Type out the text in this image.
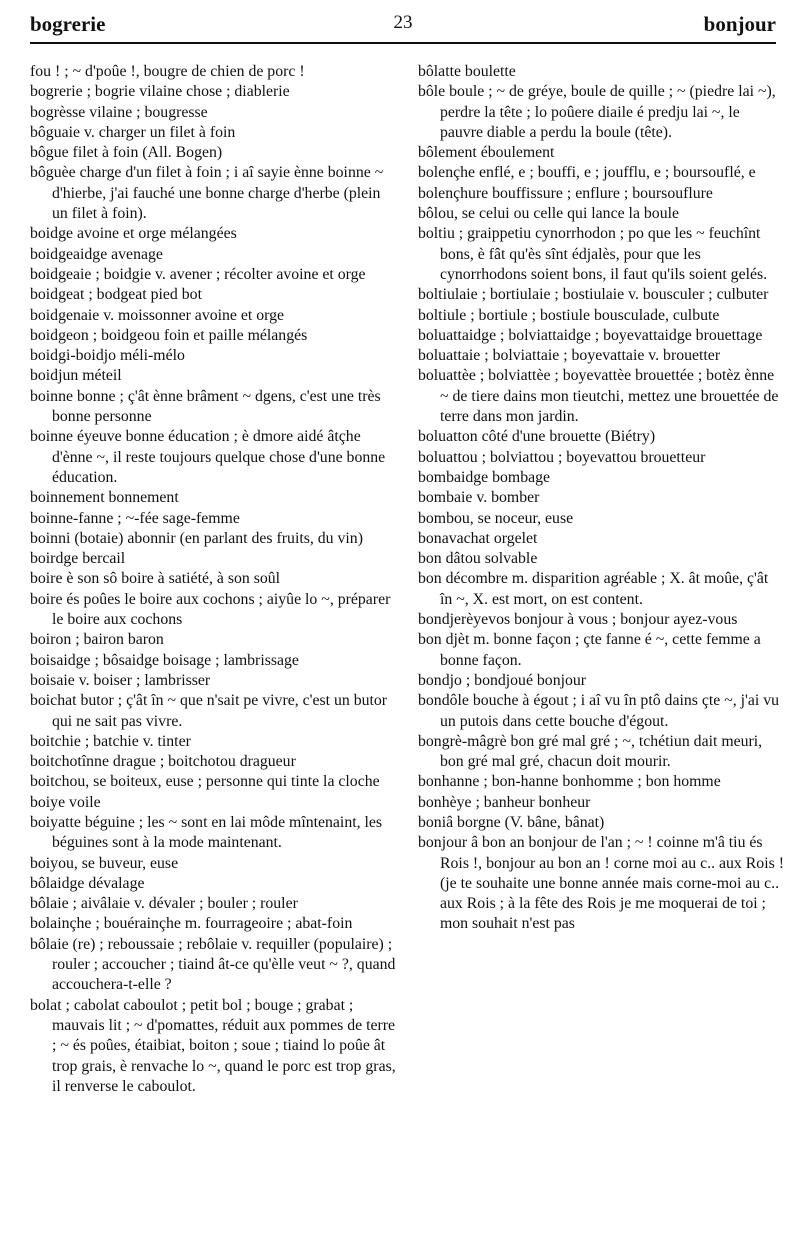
bogrerie	23	bonjour

fou ! ; ~ d'poûe !, bougre de chien de porc !

bogrerie ; bogrie vilaine chose ; diablerie

bogrèsse vilaine ; bougresse

bôguaie v. charger un filet à foin

bôgue filet à foin (All. Bogen)

bôguèe charge d'un filet à foin ; i aî sayie ènne boinne ~ d'hierbe, j'ai fauché une bonne charge d'herbe (plein un filet à foin).

boidge avoine et orge mélangées

boidgeaidge avenage

boidgeaie ; boidgie v. avener ; récolter avoine et orge

boidgeat ; bodgeat pied bot

boidgenaie v. moissonner avoine et orge

boidgeon ; boidgeou foin et paille mélangés

boidgi-boidjo méli-mélo

boidjun méteil

boinne bonne ; ç'ât ènne brâment ~ dgens, c'est une très bonne personne

boinne éyeuve bonne éducation ; è dmore aidé âtçhe d'ènne ~, il reste toujours quelque chose d'une bonne éducation.

boinnement bonnement

boinne-fanne ; ~-fée sage-femme

boinni (botaie) abonnir (en parlant des fruits, du vin)

boirdge bercail

boire è son sô boire à satiété, à son soûl

boire és poûes le boire aux cochons ; aiyûe lo ~, préparer le boire aux cochons

boiron ; bairon baron

boisaidge ; bôsaidge boisage ; lambrissage

boisaie v. boiser ; lambrisser

boichat butor ; ç'ât în ~ que n'sait pe vivre, c'est un butor qui ne sait pas vivre.

boitchie ; batchie v. tinter

boitchotînne drague ; boitchotou dragueur

boitchou, se boiteux, euse ; personne qui tinte la cloche

boiye voile

boiyatte béguine ; les ~ sont en lai môde mîntenaint, les béguines sont à la mode maintenant.

boiyou, se buveur, euse

bôlaidge dévalage

bôlaie ; aivâlaie v. dévaler ; bouler ; rouler

bolainçhe ; bouérainçhe m. fourrageoire ; abat-foin

bôlaie (re) ; reboussaie ; rebôlaie v. requiller (populaire) ; rouler ; accoucher ; tiaind ât-ce qu'èlle veut ~ ?, quand accouchera-t-elle ?

bolat ; cabolat caboulot ; petit bol ; bouge ; grabat ; mauvais lit ; ~ d'pomattes, réduit aux pommes de terre ; ~ és poûes, étaibiat, boiton ; soue ; tiaind lo poûe ât trop grais, è renvache lo ~, quand le porc est trop gras, il renverse le caboulot.

bôlatte boulette

bôle boule ; ~ de gréye, boule de quille ; ~ (piedre lai ~), perdre la tête ; lo poûere diaile é predju lai ~, le pauvre diable a perdu la boule (tête).

bôlement éboulement

bolençhe enflé, e ; bouffi, e ; joufflu, e ; boursouflé, e

bolençhure bouffissure ; enflure ; boursouflure

bôlou, se celui ou celle qui lance la boule

boltiu ; graippetiu cynorrhodon ; po que les ~ feuchînt bons, è fât qu'ès sînt édjalès, pour que les cynorrhodons soient bons, il faut qu'ils soient gelés.

boltiulaie ; bortiulaie ; bostiulaie v. bousculer ; culbuter

boltiule ; bortiule ; bostiule bousculade, culbute

boluattaidge ; bolviattaidge ; boyevattaidge brouettage

boluattaie ; bolviattaie ; boyevattaie v. brouetter

boluattèe ; bolviattèe ; boyevattèe brouettée ; botèz ènne ~ de tiere dains mon tieutchi, mettez une brouettée de terre dans mon jardin.

boluatton côté d'une brouette (Biétry)

boluattou ; bolviattou ; boyevattou brouetteur

bombaidge bombage

bombaie v. bomber

bombou, se noceur, euse

bonavachat orgelet

bon dâtou solvable

bon décombre m. disparition agréable ; X. ât moûe, ç'ât în ~, X. est mort, on est content.

bondjerèyevos bonjour à vous ; bonjour ayez-vous

bon djèt m. bonne façon ; çte fanne é ~, cette femme a bonne façon.

bondjo ; bondjoué bonjour

bondôle bouche à égout ; i aî vu în ptô dains çte ~, j'ai vu un putois dans cette bouche d'égout.

bongrè-mâgrè bon gré mal gré ; ~, tchétiun dait meuri, bon gré mal gré, chacun doit mourir.

bonhanne ; bon-hanne bonhomme ; bon homme

bonhèye ; banheur bonheur

boniâ borgne (V. bâne, bânat)

bonjour â bon an bonjour de l'an ; ~ ! coinne m'â tiu és Rois !, bonjour au bon an ! corne moi au c.. aux Rois ! (je te souhaite une bonne année mais corne-moi au c.. aux Rois ; à la fête des Rois je me moquerai de toi ; mon souhait n'est pas
